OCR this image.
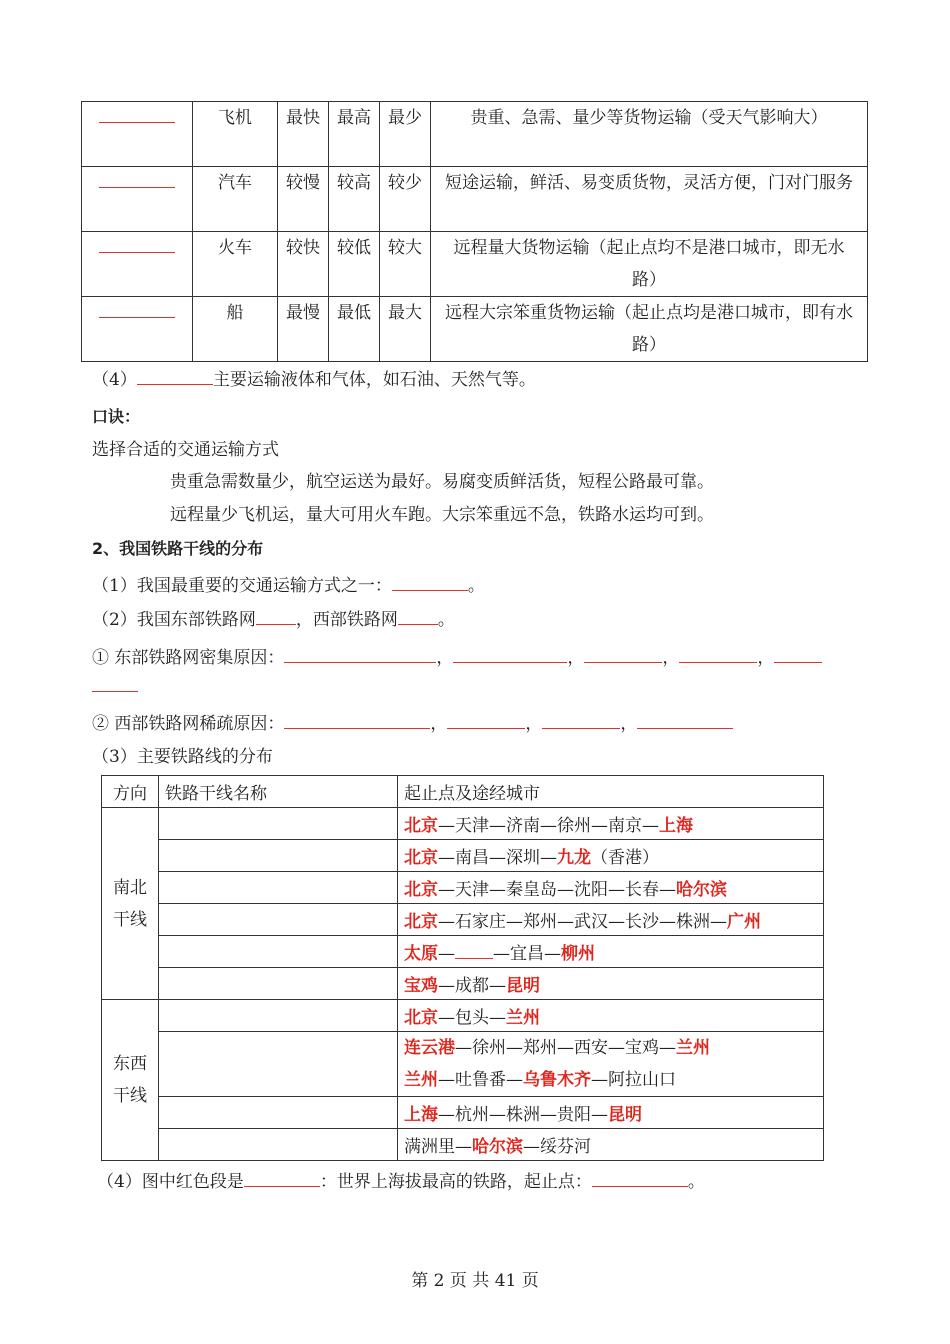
	飞机	最快	最高	最少	贵重、急需、量少等货物运输（受天气影响大）
	汽车	较慢	较高	较少	短途运输，鲜活、易变质货物，灵活方便，门对门服务
	火车	较快	较低	较大	远程量大货物运输（起止点均不是港口城市，即无水路）
	船	最慢	最低	最大	远程大宗笨重货物运输（起止点均是港口城市，即有水路）
（4）	主要运输液体和气体，如石油、天然气等。
口诀：
选择合适的交通运输方式
贵重急需数量少，航空运送为最好。易腐变质鲜活货，短程公路最可靠。
远程量少飞机运，量大可用火车跑。大宗笨重远不急，铁路水运均可到。
2、我国铁路干线的分布
（1）我国最重要的交通运输方式之一：	。
（2）我国东部铁路网 ，西部铁路网 。
① 东部铁路网密集原因：	，	，	，	，
② 西部铁路网稀疏原因：	，	，	，
（3）主要铁路线的分布
方向	铁路干线名称	起止点及途经城市
南北干线		北京—天津—济南—徐州—南京—上海
		北京—南昌—深圳—九龙（香港）
		北京—天津—秦皇岛—沈阳—长春—哈尔滨
		北京—石家庄—郑州—武汉—长沙—株洲—广州
		太原— —宜昌—柳州
		宝鸡—成都—昆明
东西干线		北京—包头—兰州

		连云港—徐州—郑州—西安—宝鸡—兰州
兰州—吐鲁番—乌鲁木齐—阿拉山口

		上海—杭州—株洲—贵阳—昆明
		满洲里—哈尔滨—绥芬河
（4）图中红色段是	：世界上海拔最高的铁路，起止点：	。
第 2 页 共 41 页
